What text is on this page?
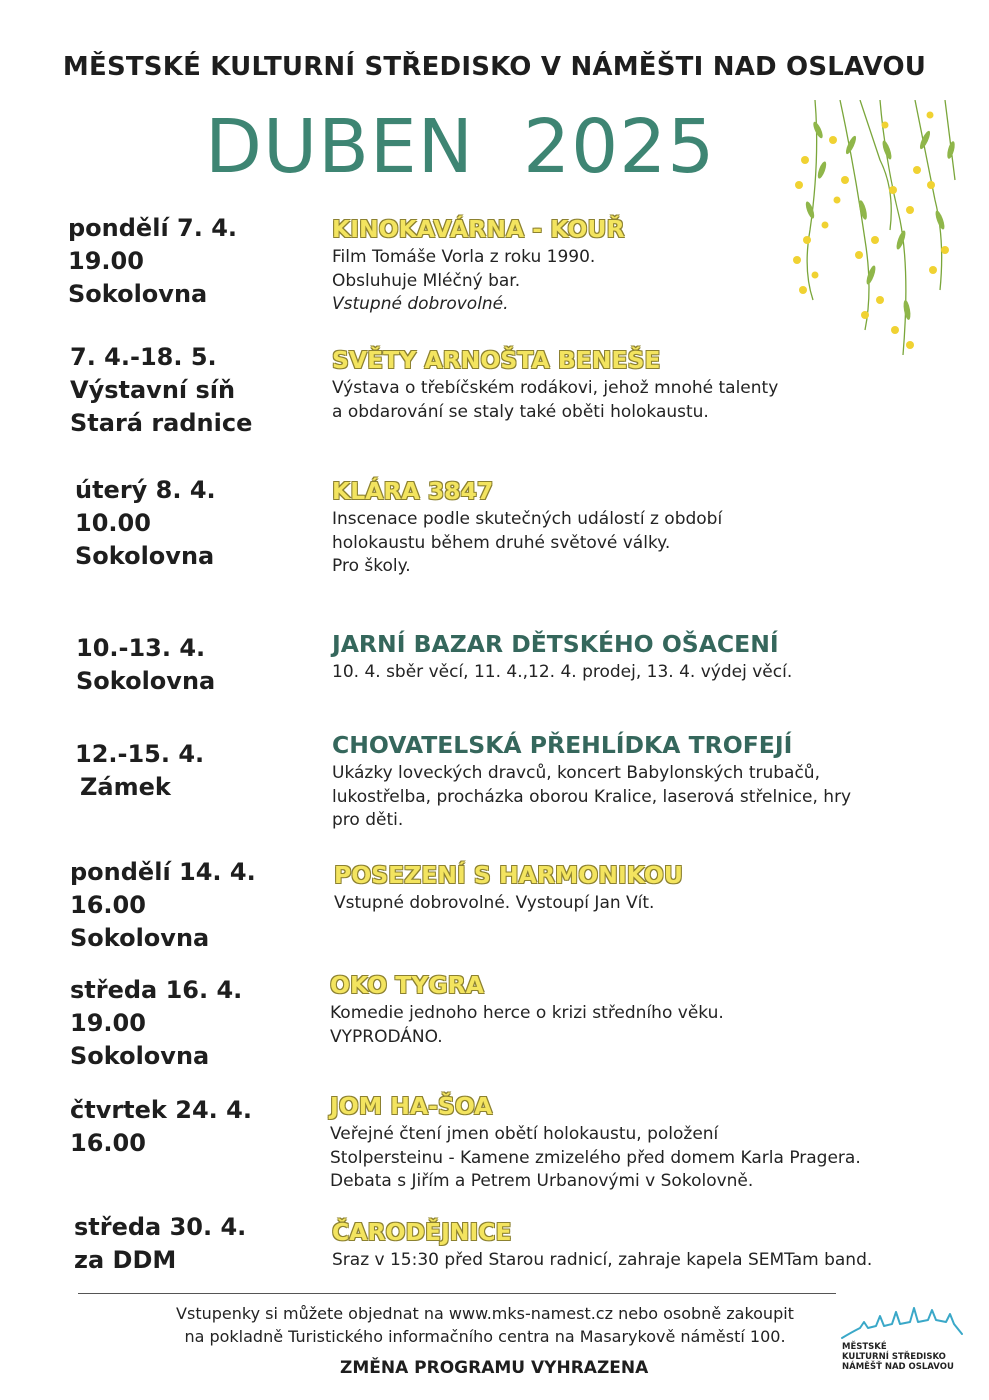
MĚSTSKÉ KULTURNÍ STŘEDISKO V NÁMĚŠTI NAD OSLAVOU
DUBEN  2025
pondělí 7. 4.
19.00
Sokolovna
KINOKAVÁRNA - KOUŘ
Film Tomáše Vorla z roku 1990.
Obsluhuje Mléčný bar.
Vstupné dobrovolné.
7. 4.-18. 5.
Výstavní síň
Stará radnice
SVĚTY ARNOŠTA BENEŠE
Výstava o třebíčském rodákovi, jehož mnohé talenty
a obdarování se staly také oběti holokaustu.
úterý 8. 4.
10.00
Sokolovna
KLÁRA 3847
Inscenace podle skutečných událostí z období
holokaustu během druhé světové války.
Pro školy.
10.-13. 4.
Sokolovna
JARNÍ BAZAR DĚTSKÉHO OŠACENÍ
10. 4. sběr věcí, 11. 4.,12. 4. prodej, 13. 4. výdej věcí.
12.-15. 4.
Zámek
CHOVATELSKÁ PŘEHLÍDKA TROFEJÍ
Ukázky loveckých dravců, koncert Babylonských trubačů,
lukostřelba, procházka oborou Kralice, laserová střelnice, hry
pro děti.
pondělí 14. 4.
16.00
Sokolovna
POSEZENÍ S HARMONIKOU
Vstupné dobrovolné. Vystoupí Jan Vít.
středa 16. 4.
19.00
Sokolovna
OKO TYGRA
Komedie jednoho herce o krizi středního věku.
VYPRODÁNO.
čtvrtek 24. 4.
16.00
JOM HA-ŠOA
Veřejné čtení jmen obětí holokaustu, položení
Stolpersteinu - Kamene zmizelého před domem Karla Pragera.
Debata s Jiřím a Petrem Urbanovými v Sokolovně.
středa 30. 4.
za DDM
ČARODĚJNICE
Sraz v 15:30 před Starou radnicí, zahraje kapela SEMTam band.
Vstupenky si můžete objednat na www.mks-namest.cz nebo osobně zakoupit
na pokladně Turistického informačního centra na Masarykově náměstí 100.
ZMĚNA PROGRAMU VYHRAZENA
MĚSTSKÉ
KULTURNÍ STŘEDISKO
NÁMĚŠŤ NAD OSLAVOU
